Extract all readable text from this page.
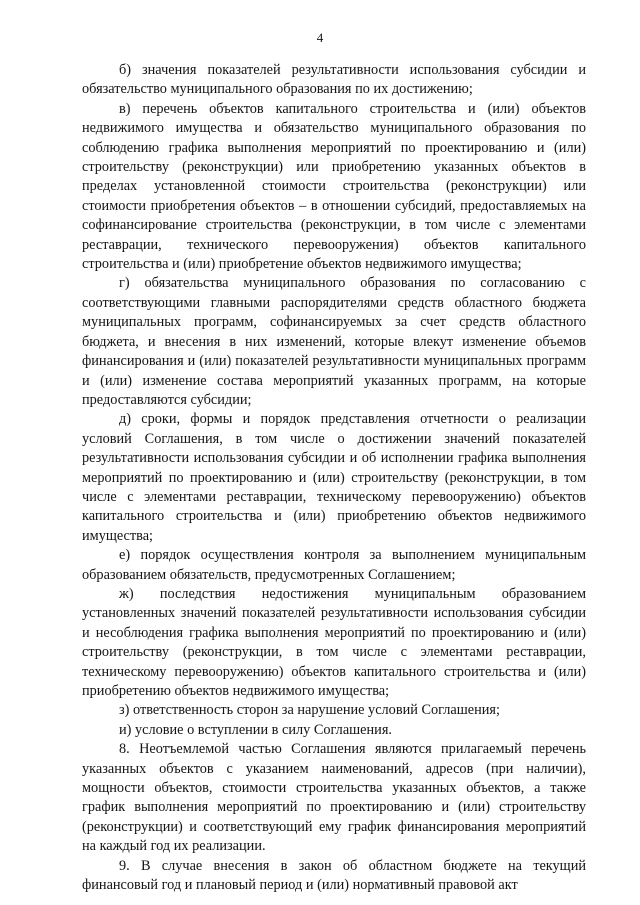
4

б) значения показателей результативности использования субсидии и обязательство муниципального образования по их достижению;

в) перечень объектов капитального строительства и (или) объектов недвижимого имущества и обязательство муниципального образования по соблюдению графика выполнения мероприятий по проектированию и (или) строительству (реконструкции) или приобретению указанных объектов в пределах установленной стоимости строительства (реконструкции) или стоимости приобретения объектов – в отношении субсидий, предоставляемых на софинансирование строительства (реконструкции, в том числе с элементами реставрации, технического перевооружения) объектов капитального строительства и (или) приобретение объектов недвижимого имущества;

г) обязательства муниципального образования по согласованию с соответствующими главными распорядителями средств областного бюджета муниципальных программ, софинансируемых за счет средств областного бюджета, и внесения в них изменений, которые влекут изменение объемов финансирования и (или) показателей результативности муниципальных программ и (или) изменение состава мероприятий указанных программ, на которые предоставляются субсидии;

д) сроки, формы и порядок представления отчетности о реализации условий Соглашения, в том числе о достижении значений показателей результативности использования субсидии и об исполнении графика выполнения мероприятий по проектированию и (или) строительству (реконструкции, в том числе с элементами реставрации, техническому перевооружению) объектов капитального строительства и (или) приобретению объектов недвижимого имущества;

е) порядок осуществления контроля за выполнением муниципальным образованием обязательств, предусмотренных Соглашением;

ж) последствия недостижения муниципальным образованием установленных значений показателей результативности использования субсидии и несоблюдения графика выполнения мероприятий по проектированию и (или) строительству (реконструкции, в том числе с элементами реставрации, техническому перевооружению) объектов капитального строительства и (или) приобретению объектов недвижимого имущества;

з) ответственность сторон за нарушение условий Соглашения;

и) условие о вступлении в силу Соглашения.

8. Неотъемлемой частью Соглашения являются прилагаемый перечень указанных объектов с указанием наименований, адресов (при наличии), мощности объектов, стоимости строительства указанных объектов, а также график выполнения мероприятий по проектированию и (или) строительству (реконструкции) и соответствующий ему график финансирования мероприятий на каждый год их реализации.

9. В случае внесения в закон об областном бюджете на текущий финансовый год и плановый период и (или) нормативный правовой акт
